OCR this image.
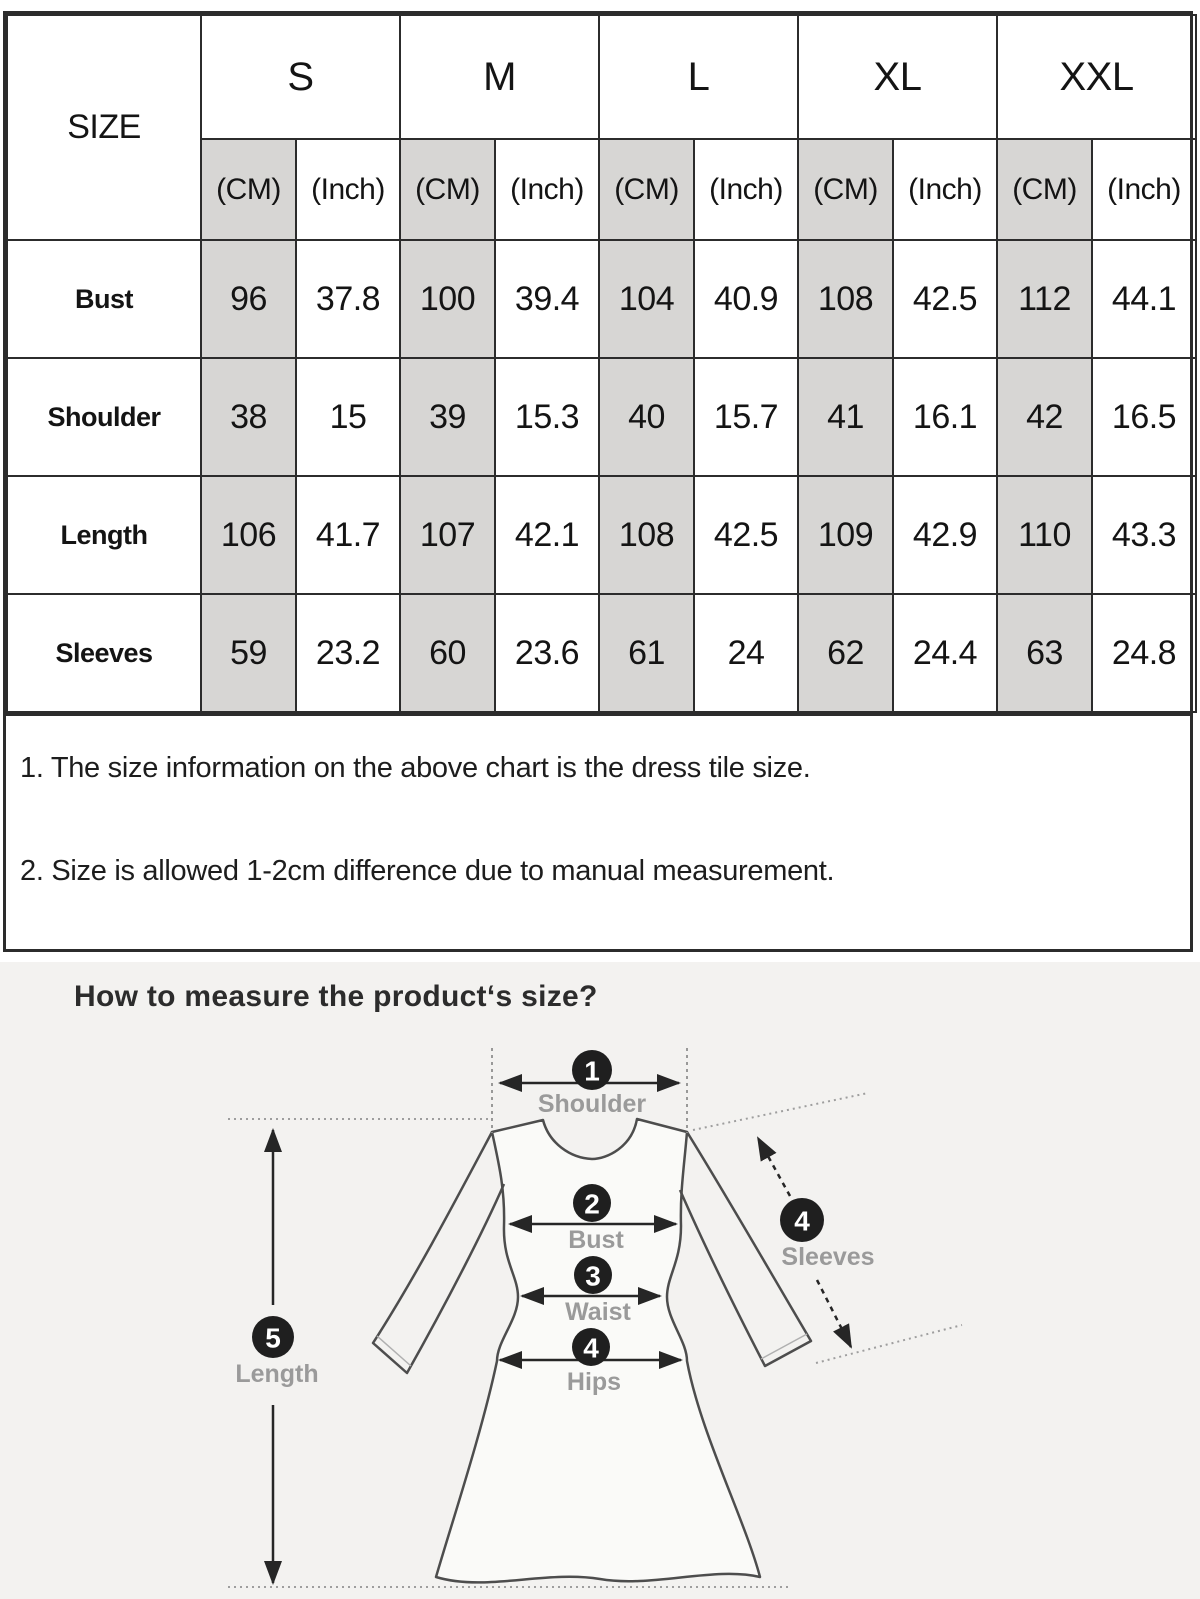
SIZE	S		M		L		XL		XXL	
	(CM)	(Inch)	(CM)	(Inch)	(CM)	(Inch)	(CM)	(Inch)	(CM)	(Inch)
Bust	96	37.8	100	39.4	104	40.9	108	42.5	112	44.1
Shoulder	38	15	39	15.3	40	15.7	41	16.1	42	16.5
Length	106	41.7	107	42.1	108	42.5	109	42.9	110	43.3
Sleeves	59	23.2	60	23.6	61	24	62	24.4	63	24.8

1. The size information on the above chart is the dress tile size.

2. Size is allowed 1-2cm difference due to manual measurement.

How to measure the product‘s size?
1
2
3
4
4
5
Shoulder
Bust
Waist
Hips
Sleeves
Length
